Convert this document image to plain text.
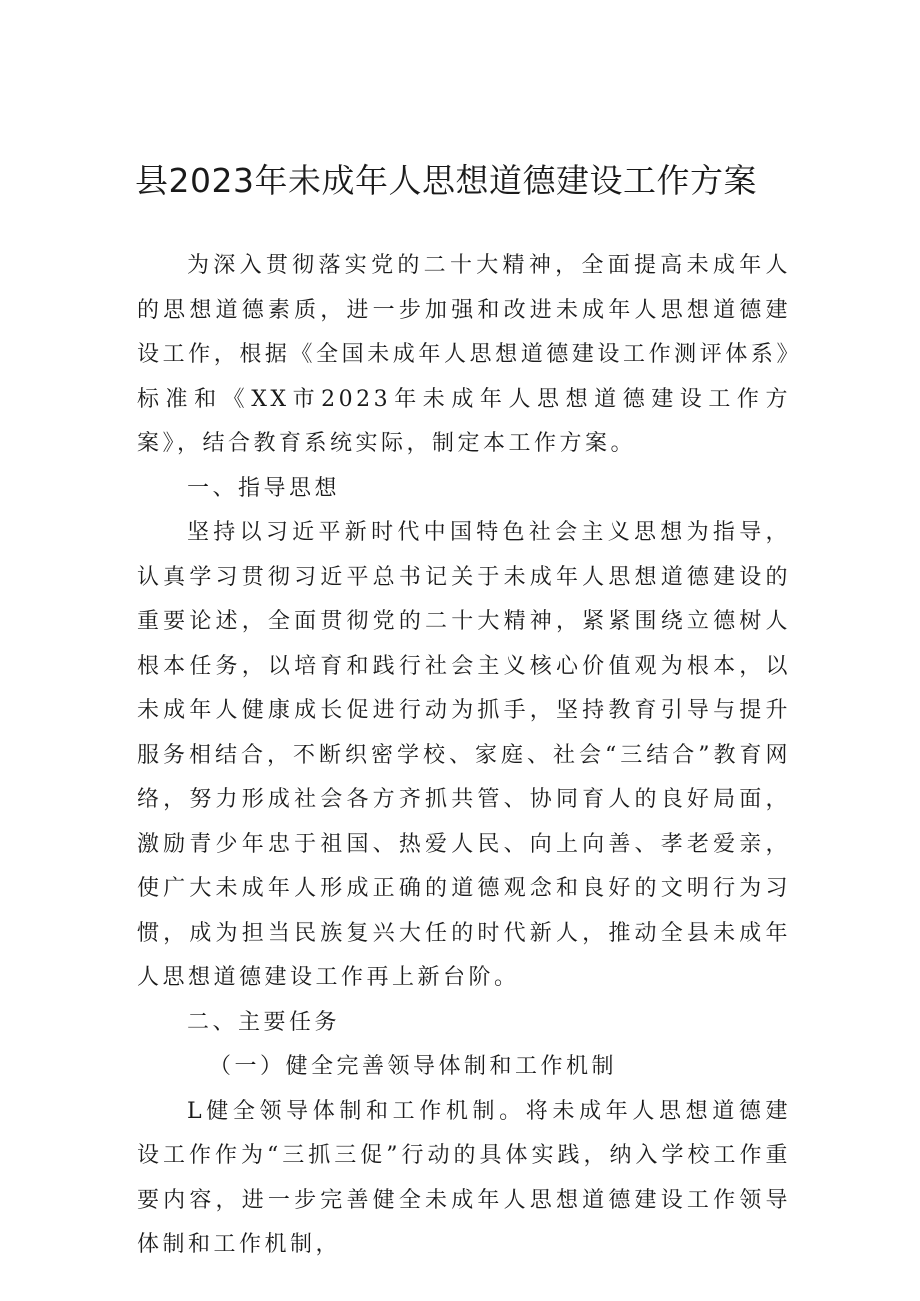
县2023年未成年人思想道德建设工作方案

为深入贯彻落实党的二十大精神，全面提高未成年人的思想道德素质，进一步加强和改进未成年人思想道德建设工作，根据《全国未成年人思想道德建设工作测评体系》标准和《XX市2023年未成年人思想道德建设工作方案》，结合教育系统实际，制定本工作方案。

一、指导思想

坚持以习近平新时代中国特色社会主义思想为指导，认真学习贯彻习近平总书记关于未成年人思想道德建设的重要论述，全面贯彻党的二十大精神，紧紧围绕立德树人根本任务，以培育和践行社会主义核心价值观为根本，以未成年人健康成长促进行动为抓手，坚持教育引导与提升服务相结合，不断织密学校、家庭、社会“三结合”教育网络，努力形成社会各方齐抓共管、协同育人的良好局面，激励青少年忠于祖国、热爱人民、向上向善、孝老爱亲，使广大未成年人形成正确的道德观念和良好的文明行为习惯，成为担当民族复兴大任的时代新人，推动全县未成年人思想道德建设工作再上新台阶。

二、主要任务

（一）健全完善领导体制和工作机制

L健全领导体制和工作机制。将未成年人思想道德建设工作作为“三抓三促”行动的具体实践，纳入学校工作重要内容，进一步完善健全未成年人思想道德建设工作领导体制和工作机制，
